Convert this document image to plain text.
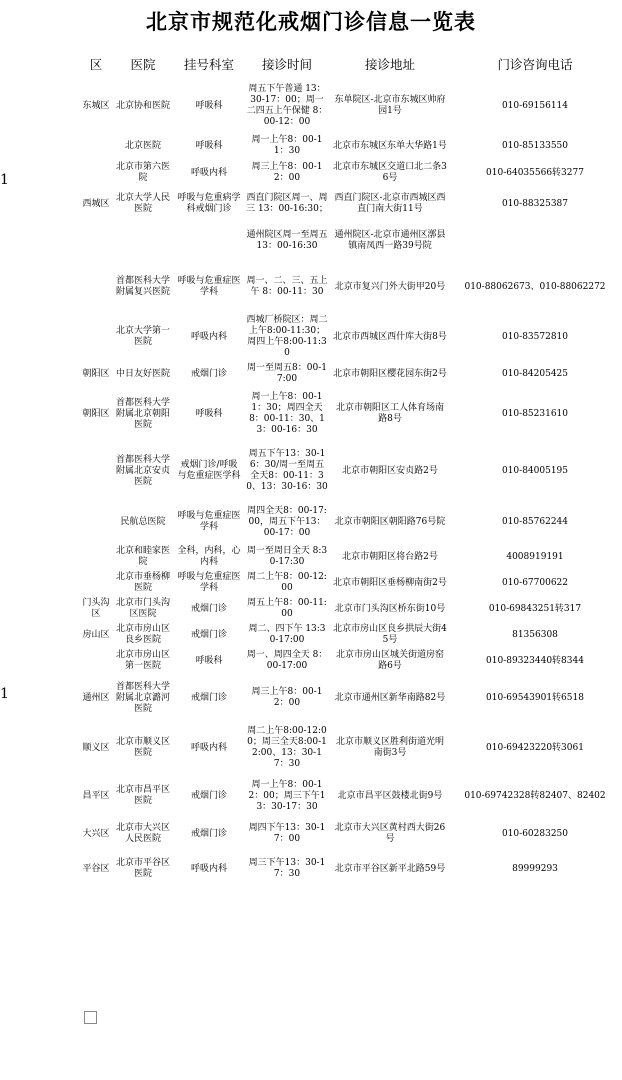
北京市规范化戒烟门诊信息一览表
1
1
区	医院	挂号科室	接诊时间	接诊地址	门诊咨询电话
东城区	北京协和医院	呼吸科	周五下午普通 13：30-17：00；周一二四五上午保健 8：00-12：00	东单院区-北京市东城区帅府园1号	010-69156114
	北京医院	呼吸科	周一上午8：00-11：30	北京市东城区东单大华路1号	010-85133550
	北京市第六医院	呼吸内科	周三上午8：00-12：00	北京市东城区交道口北二条36号	010-64035566转3277
西城区	北京大学人民医院	呼吸与危重病学科戒烟门诊	西直门院区周一、周三 13：00-16:30；	西直门院区-北京市西城区西直门南大街11号	010-88325387
			通州院区周一至周五 13：00-16:30	通州院区-北京市通州区漷县镇南凤西一路39号院	
	首都医科大学附属复兴医院	呼吸与危重症医学科	周一、二、三、五上午 8：00-11：30	北京市复兴门外大街甲20号	010-88062673、010-88062272
	北京大学第一医院	呼吸内科	西城厂桥院区：周二上午8:00-11:30；周四上午8:00-11:30	北京市西城区西什库大街8号	010-83572810
朝阳区	中日友好医院	戒烟门诊	周一至周五8：00-17:00	北京市朝阳区樱花园东街2号	010-84205425
朝阳区	首都医科大学附属北京朝阳医院	呼吸科	周一上午8：00-11：30；周四全天8：00-11：30、13：00-16：30	北京市朝阳区工人体育场南路8号	010-85231610
	首都医科大学附属北京安贞医院	戒烟门诊/呼吸与危重症医学科	周五下午13：30-16：30/周一至周五全天8：00-11：30、13：30-16：30	北京市朝阳区安贞路2号	010-84005195
	民航总医院	呼吸与危重症医学科	周四全天8：00-17:00，周五下午13：00-17：00	北京市朝阳区朝阳路76号院	010-85762244
	北京和睦家医院	全科，内科，心内科	周一至周日全天 8:30-17:30	北京市朝阳区将台路2号	4008919191
	北京市垂杨柳医院	呼吸与危重症医学科	周二上午8：00-12:00	北京市朝阳区垂杨柳南街2号	010-67700622
门头沟区	北京市门头沟区医院	戒烟门诊	周五上午8：00-11:00	北京市门头沟区桥东街10号	010-69843251转317
房山区	北京市房山区良乡医院	戒烟门诊	周二、四下午 13:30-17:00	北京市房山区良乡拱辰大街45号	81356308
	北京市房山区第一医院	呼吸科	周一、周四全天 8：00-17:00	北京市房山区城关街道房窑路6号	010-89323440转8344
通州区	首都医科大学附属北京潞河医院	戒烟门诊	周三上午8：00-12：00	北京市通州区新华南路82号	010-69543901转6518
顺义区	北京市顺义区医院	呼吸内科	周二上午8:00-12:00；周三全天8:00-12:00、13：30-17：30	北京市顺义区胜利街道光明南街3号	010-69423220转3061
昌平区	北京市昌平区医院	戒烟门诊	周一上午8：00-12：00；周三下午13：30-17：30	北京市昌平区鼓楼北街9号	010-69742328转82407、82402
大兴区	北京市大兴区人民医院	戒烟门诊	周四下午13：30-17：00	北京市大兴区黄村西大街26号	010-60283250
平谷区	北京市平谷区医院	呼吸内科	周三下午13：30-17：30	北京市平谷区新平北路59号	89999293
